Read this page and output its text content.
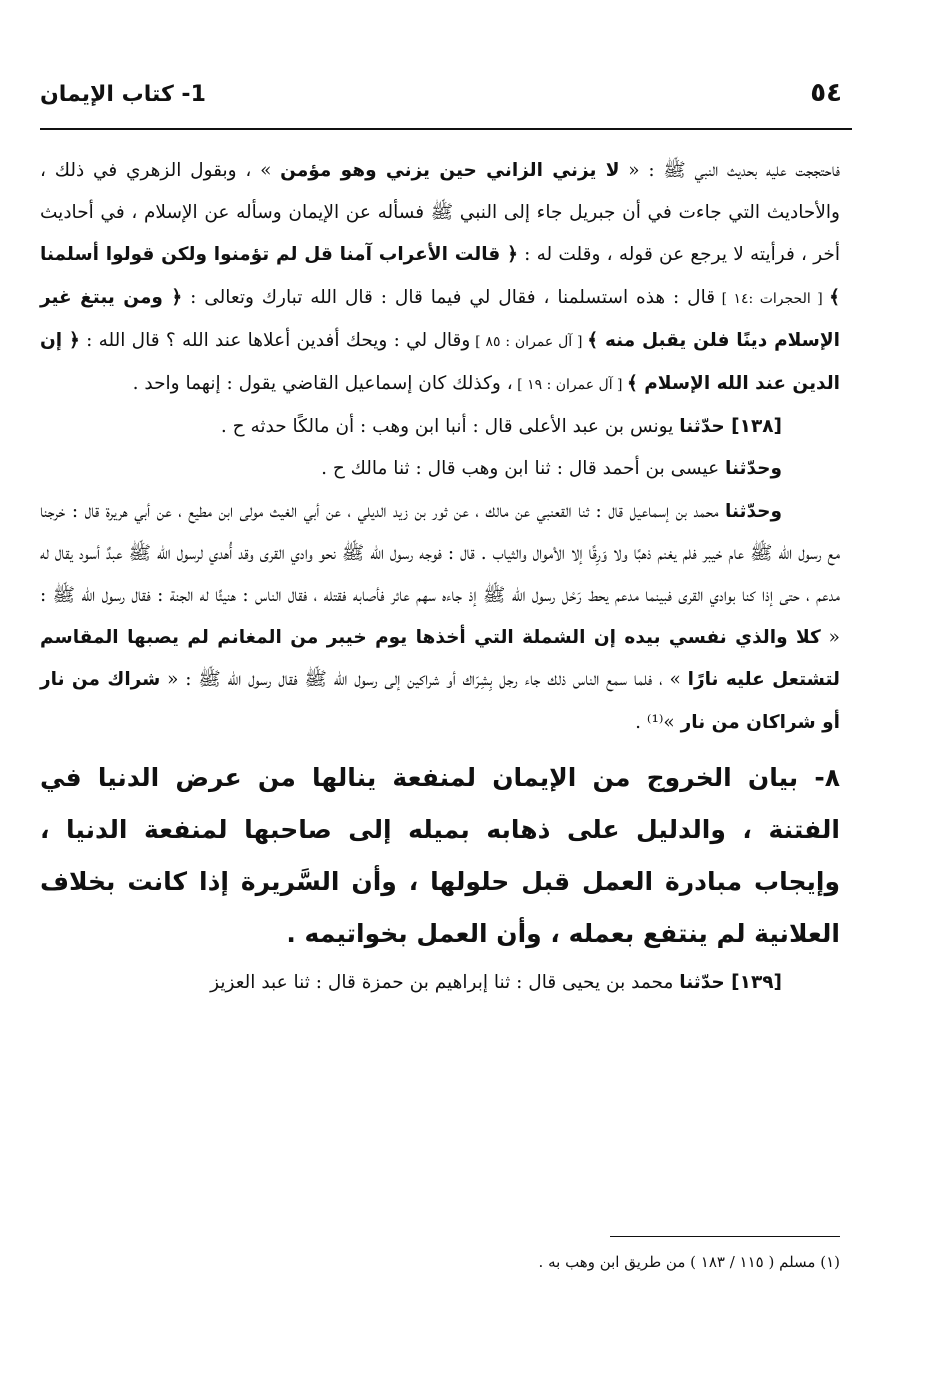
٥٤
1- كتاب الإيمان

فاحتججت عليه بحديث النبي ﷺ : « لا يزني الزاني حين يزني وهو مؤمن » ، وبقول الزهري في ذلك ، والأحاديث التي جاءت في أن جبريل جاء إلى النبي ﷺ فسأله عن الإيمان وسأله عن الإسلام ، في أحاديث أخر ، فرأيته لا يرجع عن قوله ، وقلت له : ﴿ قالت الأعراب آمنا قل لم تؤمنوا ولكن قولوا أسلمنا ﴾ [ الحجرات :١٤ ] قال : هذه استسلمنا ، فقال لي فيما قال : قال الله تبارك وتعالى : ﴿ ومن يبتغ غير الإسلام دينًا فلن يقبل منه ﴾ [ آل عمران : ٨٥ ] وقال لي : ويحك أفدين أعلاها عند الله ؟ قال الله : ﴿ إن الدين عند الله الإسلام ﴾ [ آل عمران : ١٩ ] ، وكذلك كان إسماعيل القاضي يقول : إنهما واحد .

[١٣٨] حدّثنا يونس بن عبد الأعلى قال : أنبا ابن وهب : أن مالكًا حدثه ح .

وحدّثنا عيسى بن أحمد قال : ثنا ابن وهب قال : ثنا مالك ح .

وحدّثنا محمد بن إسماعيل قال : ثنا القعنبي عن مالك ، عن ثور بن زيد الديلي ، عن أبي الغيث مولى ابن مطيع ، عن أبي هريرة قال : خرجنا مع رسول الله ﷺ عام خيبر فلم يغنم ذهبًا ولا وَرِقًا إلا الأموال والثياب . قال : فوجه رسول الله ﷺ نحو وادي القرى وقد أُهدي لرسول الله ﷺ عبدٌ أسود يقال له مدعم ، حتى إذا كنا بوادي القرى فبينما مدعم يحط رَحْل رسول الله ﷺ إذ جاءه سهم عائر فأصابه فقتله ، فقال الناس : هنيئًا له الجنة : فقال رسول الله ﷺ : « كلا والذي نفسي بيده إن الشملة التي أخذها يوم خيبر من المغانم لم يصبها المقاسم لتشتعل عليه نارًا » ، فلما سمع الناس ذلك جاء رجل بِشِرَاك أو شراكين إلى رسول الله ﷺ فقال رسول الله ﷺ : « شراك من نار أو شراكان من نار »⁽¹⁾ .

٨- بيان الخروج من الإيمان لمنفعة ينالها من عرض الدنيا في الفتنة ، والدليل على ذهابه بميله إلى صاحبها لمنفعة الدنيا ، وإيجاب مبادرة العمل قبل حلولها ، وأن السَّريرة إذا كانت بخلاف العلانية لم ينتفع بعمله ، وأن العمل بخواتيمه .

[١٣٩] حدّثنا محمد بن يحيى قال : ثنا إبراهيم بن حمزة قال : ثنا عبد العزيز

(١) مسلم ( ١١٥ / ١٨٣ ) من طريق ابن وهب به .
